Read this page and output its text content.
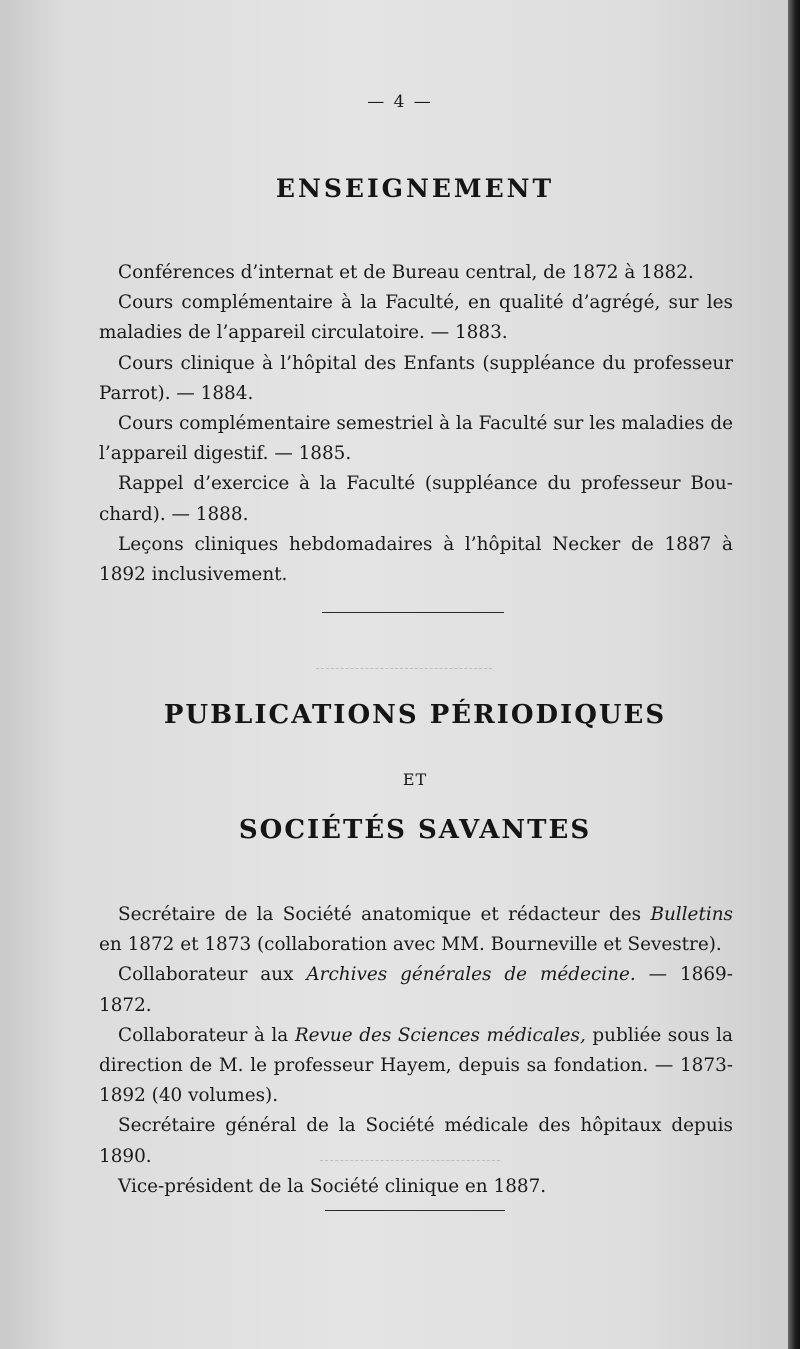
— 4 —
ENSEIGNEMENT

Conférences d’internat et de Bureau central, de 1872 à 1882.

Cours complémentaire à la Faculté, en qualité d’agrégé, sur les maladies de l’appareil circulatoire. — 1883.

Cours clinique à l’hôpital des Enfants (suppléance du professeur Parrot). — 1884.

Cours complémentaire semestriel à la Faculté sur les maladies de l’appareil digestif. — 1885.

Rappel d’exercice à la Faculté (suppléance du professeur Bouchard). — 1888.

Leçons cliniques hebdomadaires à l’hôpital Necker de 1887 à 1892 inclusivement.

PUBLICATIONS PÉRIODIQUES
ET
SOCIÉTÉS SAVANTES

Secrétaire de la Société anatomique et rédacteur des Bulletins en 1872 et 1873 (collaboration avec MM. Bourneville et Sevestre).

Collaborateur aux Archives générales de médecine. — 1869-1872.

Collaborateur à la Revue des Sciences médicales, publiée sous la direction de M. le professeur Hayem, depuis sa fondation. — 1873-1892 (40 volumes).

Secrétaire général de la Société médicale des hôpitaux depuis 1890.

Vice-président de la Société clinique en 1887.
